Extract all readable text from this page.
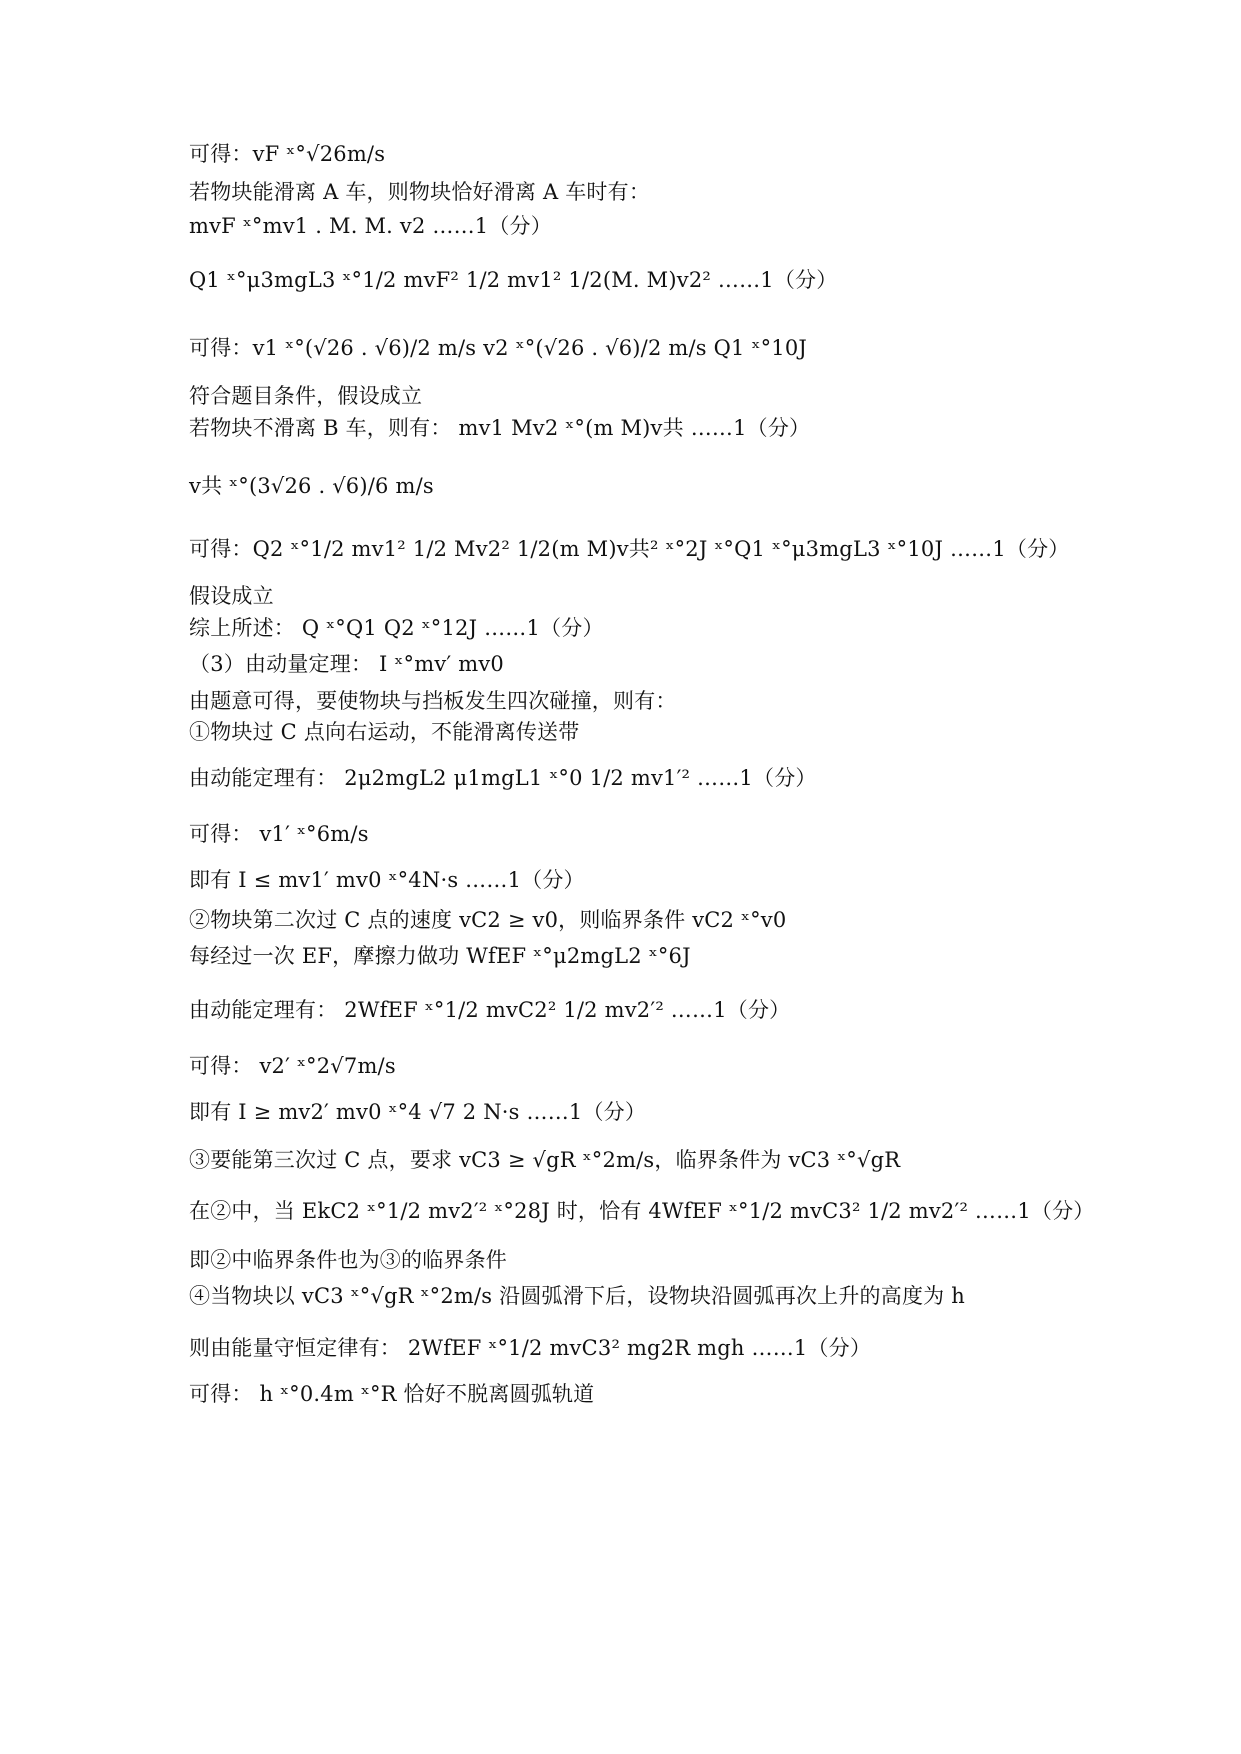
可得：vF ˣ°√26m/s
若物块能滑离 A 车，则物块恰好滑离 A 车时有：
mvF ˣ°mv1 . M. M. v2 ……1（分）
Q1 ˣ°μ3mgL3 ˣ°1/2 mvF² 1/2 mv1² 1/2(M. M)v2² ……1（分）
可得：v1 ˣ°(√26 . √6)/2 m/s v2 ˣ°(√26 . √6)/2 m/s Q1 ˣ°10J
符合题目条件，假设成立
若物块不滑离 B 车，则有： mv1 Mv2 ˣ°(m M)v共 ……1（分）
v共 ˣ°(3√26 . √6)/6 m/s
可得：Q2 ˣ°1/2 mv1² 1/2 Mv2² 1/2(m M)v共² ˣ°2J ˣ°Q1 ˣ°μ3mgL3 ˣ°10J ……1（分）
假设成立
综上所述： Q ˣ°Q1 Q2 ˣ°12J ……1（分）
（3）由动量定理： I ˣ°mv′ mv0
由题意可得，要使物块与挡板发生四次碰撞，则有：
①物块过 C 点向右运动，不能滑离传送带
由动能定理有： 2μ2mgL2 μ1mgL1 ˣ°0 1/2 mv1′² ……1（分）
可得： v1′ ˣ°6m/s
即有 I ≤ mv1′ mv0 ˣ°4N·s ……1（分）
②物块第二次过 C 点的速度 vC2 ≥ v0，则临界条件 vC2 ˣ°v0
每经过一次 EF，摩擦力做功 WfEF ˣ°μ2mgL2 ˣ°6J
由动能定理有： 2WfEF ˣ°1/2 mvC2² 1/2 mv2′² ……1（分）
可得： v2′ ˣ°2√7m/s
即有 I ≥ mv2′ mv0 ˣ°4 √7 2 N·s ……1（分）
③要能第三次过 C 点，要求 vC3 ≥ √gR ˣ°2m/s，临界条件为 vC3 ˣ°√gR
在②中，当 EkC2 ˣ°1/2 mv2′² ˣ°28J 时，恰有 4WfEF ˣ°1/2 mvC3² 1/2 mv2′² ……1（分）
即②中临界条件也为③的临界条件
④当物块以 vC3 ˣ°√gR ˣ°2m/s 沿圆弧滑下后，设物块沿圆弧再次上升的高度为 h
则由能量守恒定律有： 2WfEF ˣ°1/2 mvC3² mg2R mgh ……1（分）
可得： h ˣ°0.4m ˣ°R 恰好不脱离圆弧轨道
